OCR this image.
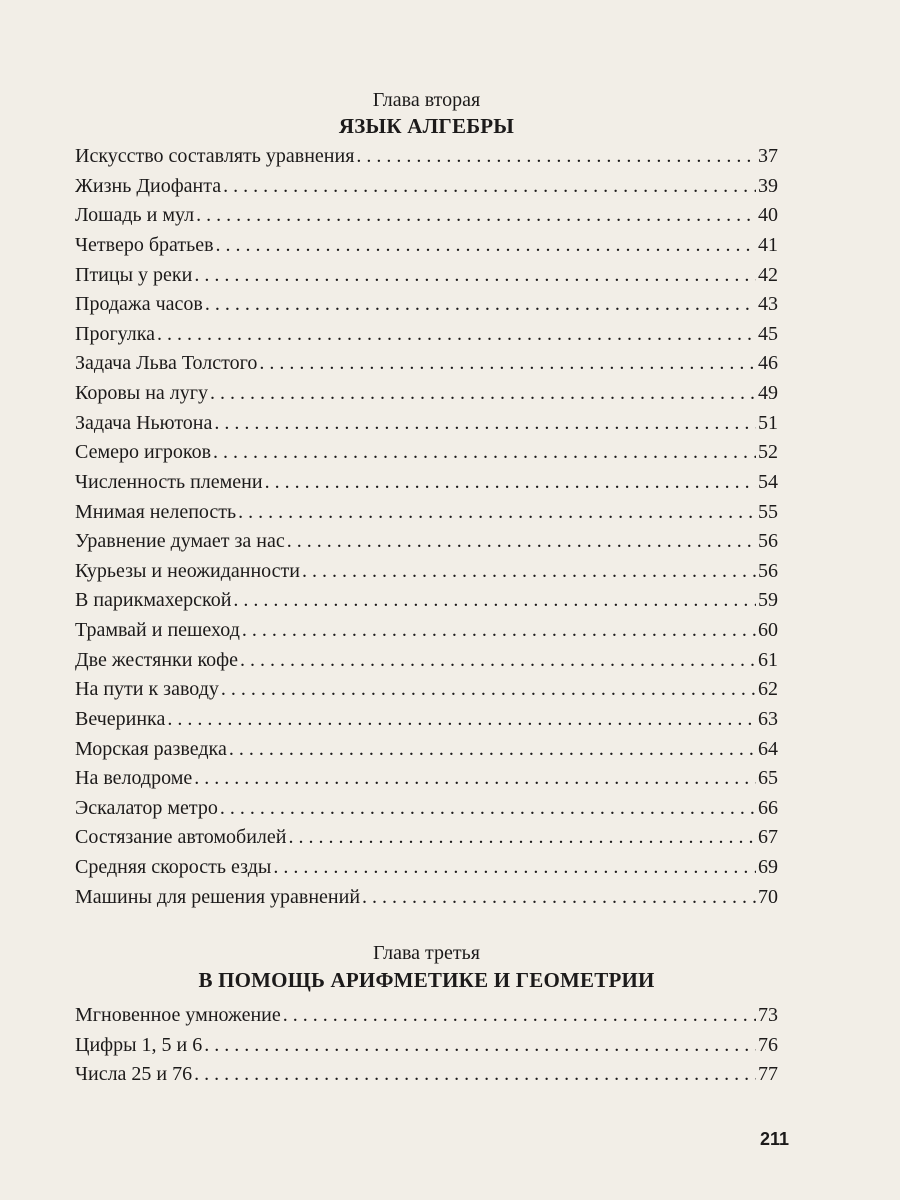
Глава вторая
ЯЗЫК АЛГЕБРЫ
Искусство составлять уравнения . . .	37
Жизнь Диофанта . . .	39
Лошадь и мул . . .	40
Четверо братьев . . .	41
Птицы у реки . . .	42
Продажа часов . . .	43
Прогулка . . .	45
Задача Льва Толстого . . .	46
Коровы на лугу . . .	49
Задача Ньютона . . .	51
Семеро игроков . . .	52
Численность племени . . .	54
Мнимая нелепость . . .	55
Уравнение думает за нас . . .	56
Курьезы и неожиданности . . .	56
В парикмахерской . . .	59
Трамвай и пешеход . . .	60
Две жестянки кофе . . .	61
На пути к заводу . . .	62
Вечеринка . . .	63
Морская разведка . . .	64
На велодроме . . .	65
Эскалатор метро . . .	66
Состязание автомобилей . . .	67
Средняя скорость езды . . .	69
Машины для решения уравнений . . .	70
Глава третья
В ПОМОЩЬ АРИФМЕТИКЕ И ГЕОМЕТРИИ
Мгновенное умножение . . .	73
Цифры 1, 5 и 6 . . .	76
Числа 25 и 76 . . .	77
211
